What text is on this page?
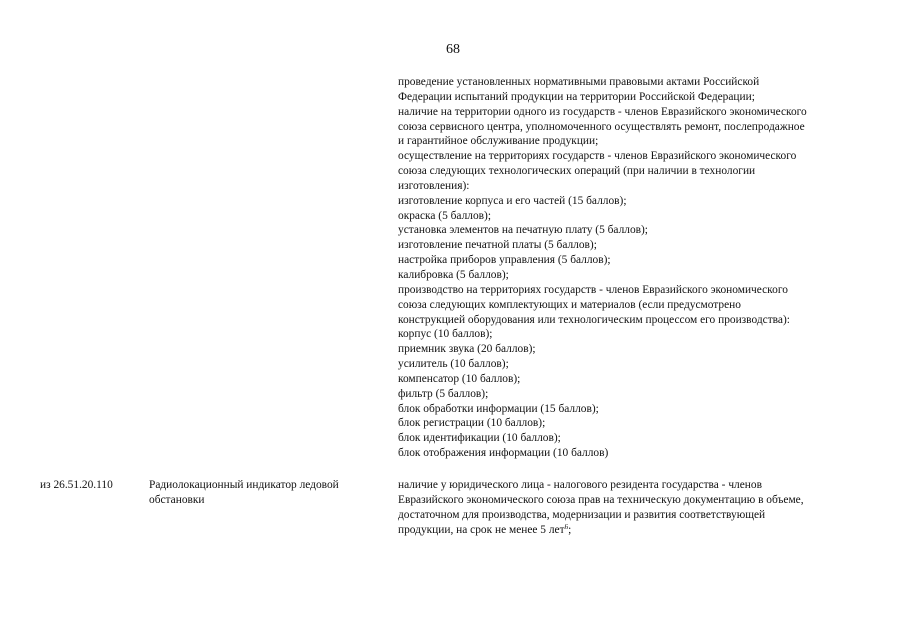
68
проведение установленных нормативными правовыми актами Российской
Федерации испытаний продукции на территории Российской Федерации;
наличие на территории одного из государств - членов Евразийского экономического
союза сервисного центра, уполномоченного осуществлять ремонт, послепродажное
и гарантийное обслуживание продукции;
осуществление на территориях государств - членов Евразийского экономического
союза следующих технологических операций (при наличии в технологии
изготовления):
изготовление корпуса и его частей (15 баллов);
окраска (5 баллов);
установка элементов на печатную плату (5 баллов);
изготовление печатной платы (5 баллов);
настройка приборов управления (5 баллов);
калибровка (5 баллов);
производство на территориях государств - членов Евразийского экономического
союза следующих комплектующих и материалов (если предусмотрено
конструкцией оборудования или технологическим процессом его производства):
корпус (10 баллов);
приемник звука (20 баллов);
усилитель (10 баллов);
компенсатор (10 баллов);
фильтр (5 баллов);
блок обработки информации (15 баллов);
блок регистрации (10 баллов);
блок идентификации (10 баллов);
блок отображения информации (10 баллов)
из 26.51.20.110	Радиолокационный индикатор ледовой
обстановки
наличие у юридического лица - налогового резидента государства - членов
Евразийского экономического союза прав на техническую документацию в объеме,
достаточном для производства, модернизации и развития соответствующей
продукции, на срок не менее 5 лет$^6$;
